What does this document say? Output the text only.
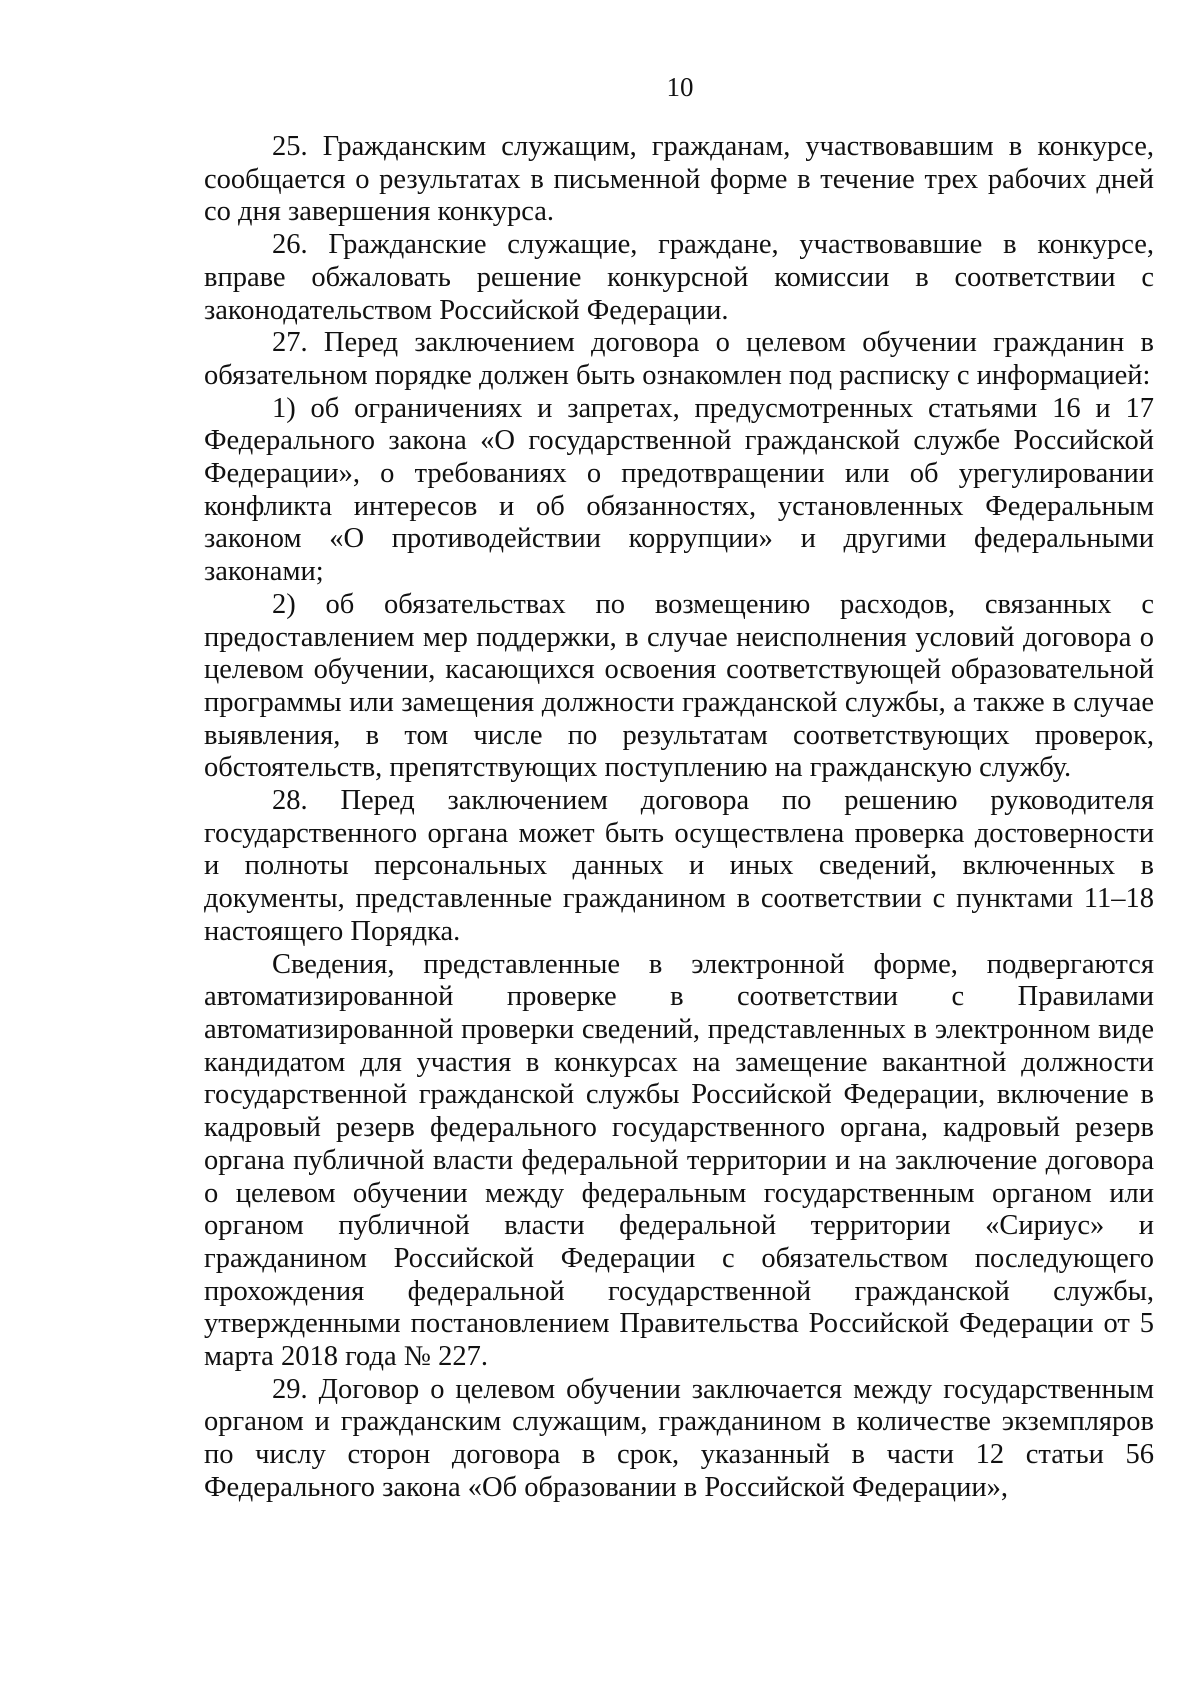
10

25. Гражданским служащим, гражданам, участвовавшим в конкурсе, сообщается о результатах в письменной форме в течение трех рабочих дней со дня завершения конкурса.

26. Гражданские служащие, граждане, участвовавшие в конкурсе, вправе обжаловать решение конкурсной комиссии в соответствии с законодательством Российской Федерации.

27. Перед заключением договора о целевом обучении гражданин в обязательном порядке должен быть ознакомлен под расписку с информацией:

1) об ограничениях и запретах, предусмотренных статьями 16 и 17 Федерального закона «О государственной гражданской службе Российской Федерации», о требованиях о предотвращении или об урегулировании конфликта интересов и об обязанностях, установленных Федеральным законом «О противодействии коррупции» и другими федеральными законами;

2) об обязательствах по возмещению расходов, связанных с предоставлением мер поддержки, в случае неисполнения условий договора о целевом обучении, касающихся освоения соответствующей образовательной программы или замещения должности гражданской службы, а также в случае выявления, в том числе по результатам соответствующих проверок, обстоятельств, препятствующих поступлению на гражданскую службу.

28. Перед заключением договора по решению руководителя государственного органа может быть осуществлена проверка достоверности и полноты персональных данных и иных сведений, включенных в документы, представленные гражданином в соответствии с пунктами 11–18 настоящего Порядка.

Сведения, представленные в электронной форме, подвергаются автоматизированной проверке в соответствии с Правилами автоматизированной проверки сведений, представленных в электронном виде кандидатом для участия в конкурсах на замещение вакантной должности государственной гражданской службы Российской Федерации, включение в кадровый резерв федерального государственного органа, кадровый резерв органа публичной власти федеральной территории и на заключение договора о целевом обучении между федеральным государственным органом или органом публичной власти федеральной территории «Сириус» и гражданином Российской Федерации с обязательством последующего прохождения федеральной государственной гражданской службы, утвержденными постановлением Правительства Российской Федерации от 5 марта 2018 года № 227.

29. Договор о целевом обучении заключается между государственным органом и гражданским служащим, гражданином в количестве экземпляров по числу сторон договора в срок, указанный в части 12 статьи 56 Федерального закона «Об образовании в Российской Федерации»,
